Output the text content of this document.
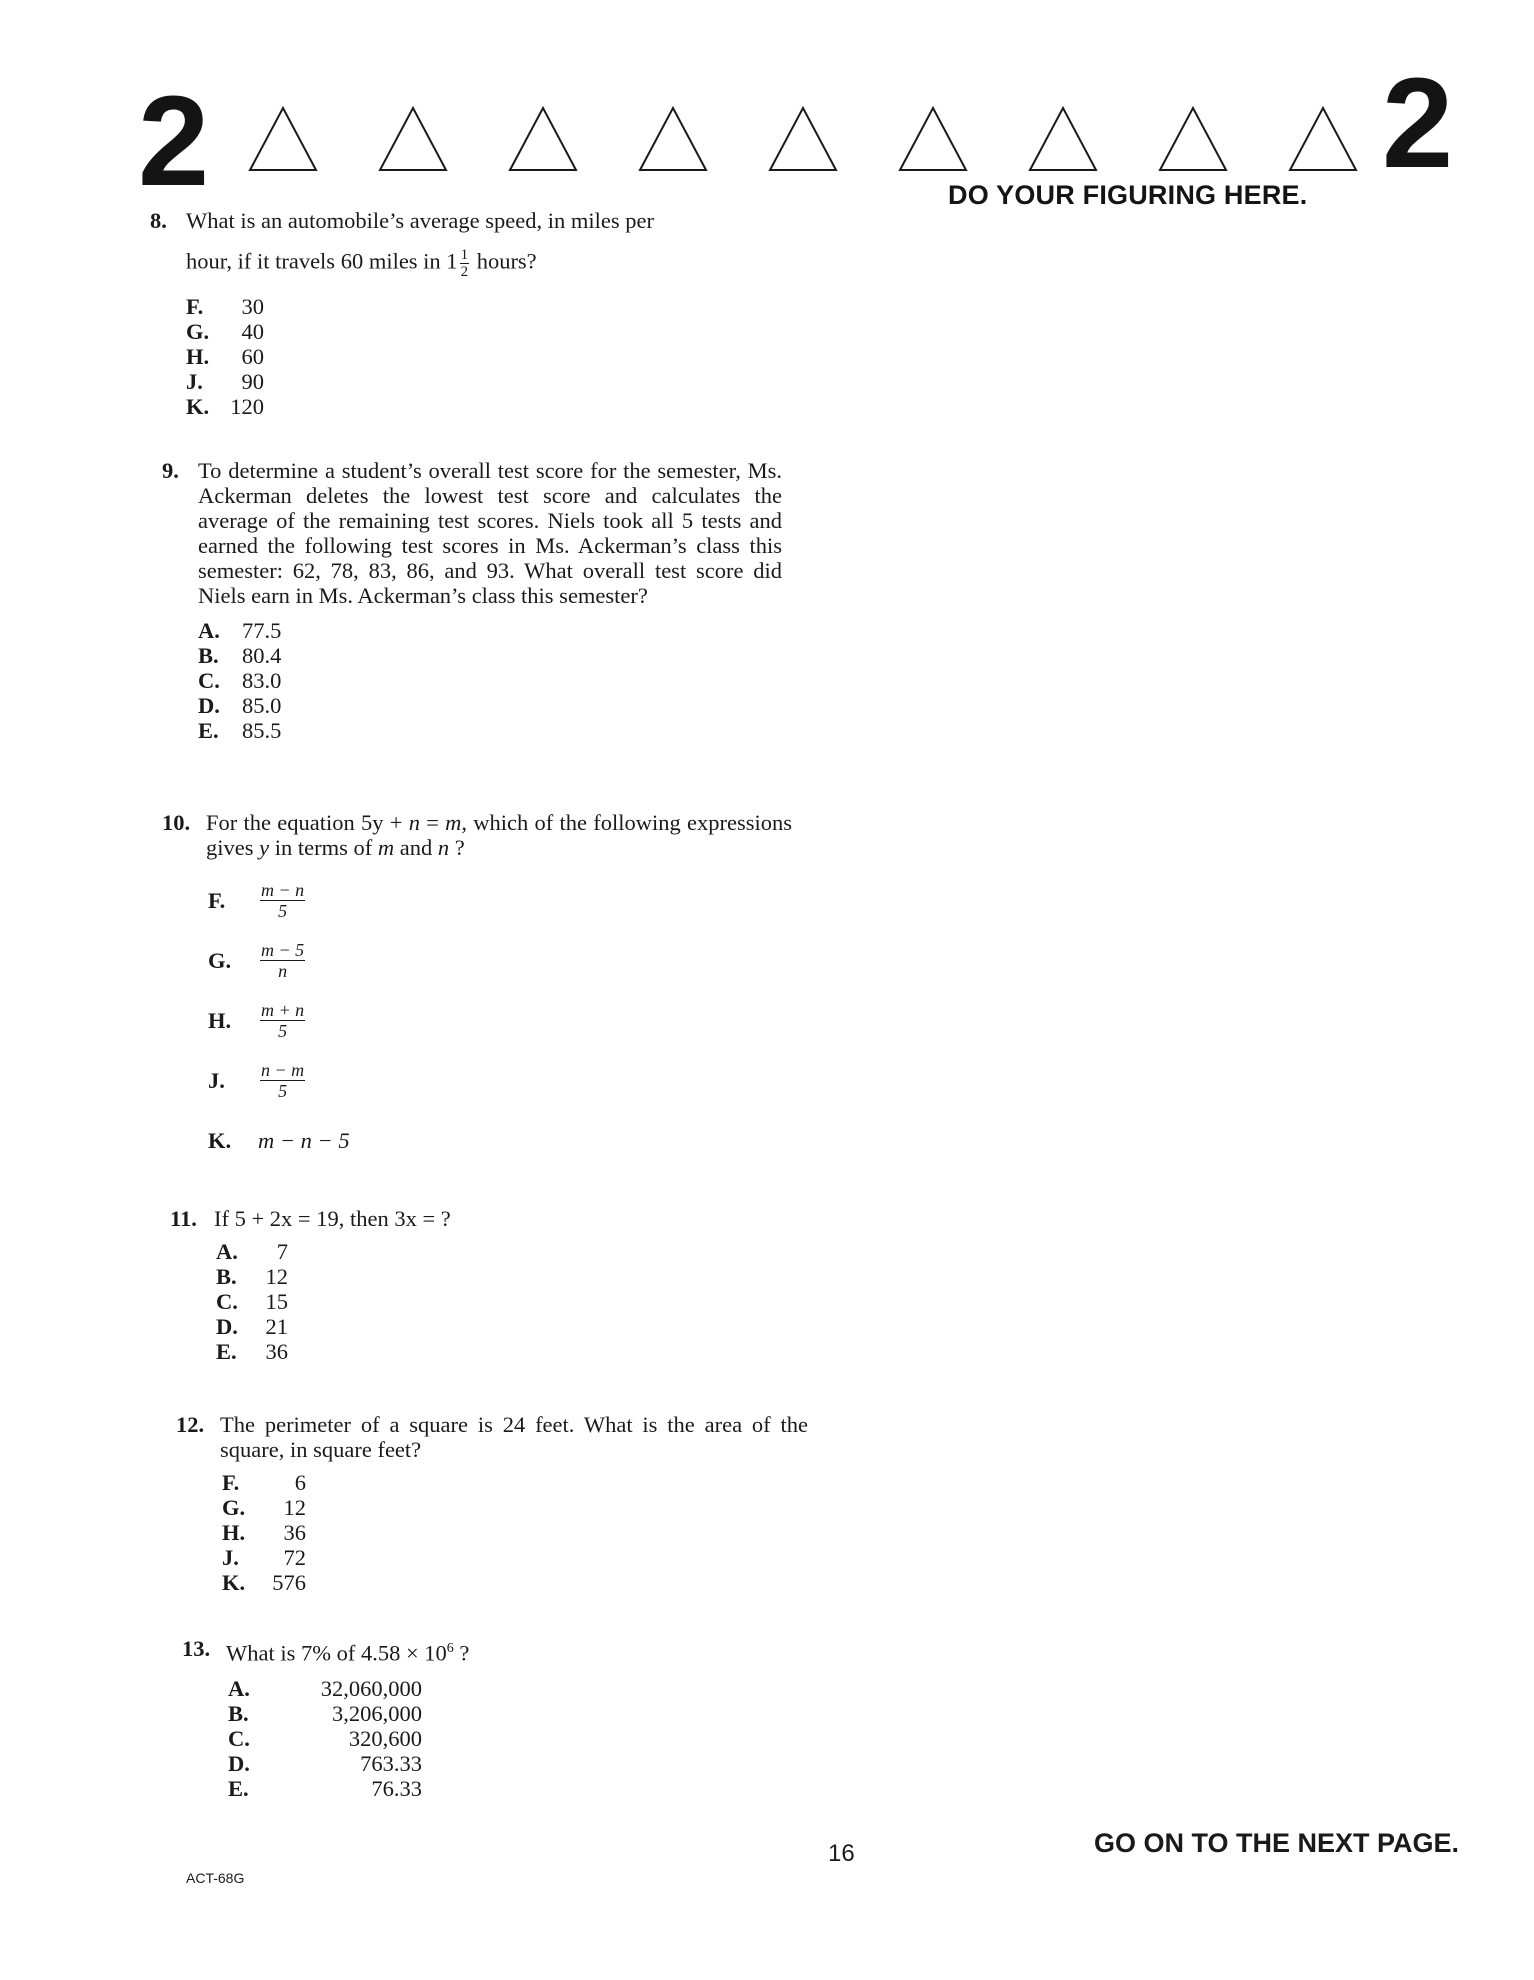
2	2
DO YOUR FIGURING HERE.
8. What is an automobile’s average speed, in miles per

hour, if it travels 60 miles in $1 \frac{1}{2}$ hours?
F.	30
G.	40
H.	60
J.	90
K. 120
9. To determine a student’s overall test score for the semester, Ms. Ackerman deletes the lowest test score and calculates the average of the remaining test scores. Niels took all 5 tests and earned the following test scores in Ms. Ackerman’s class this semester: 62, 78, 83, 86, and 93. What overall test score did Niels earn in Ms. Ackerman’s class this semester?
A. 77.5
B.	80.4
C. 83.0
D. 85.0
E.	85.5
10. For the equation 5y + n = m, which of the following expressions gives y in terms of m and n ?
F.	$\frac{m - n}{5}$
G.	$\frac{m - 5}{n}$
H.	$\frac{m + n}{5}$
J.	$\frac{n - m}{5}$
K.	m − n − 5
11. If 5 + 2x = 19, then 3x = ?
A.	7
B.	12
C.	15
D.	21
E.	36
12. The perimeter of a square is 24 feet. What is the area of the square, in square feet?
F.	6
G.	12
H.	36
J.	72
K.	576
13. What is 7% of $4.58 \times 10^6$ ?
A.	32,060,000
B.	3,206,000
C.	320,600
D.	763.33
E.	76.33
ACT-68G
16	GO ON TO THE NEXT PAGE.
